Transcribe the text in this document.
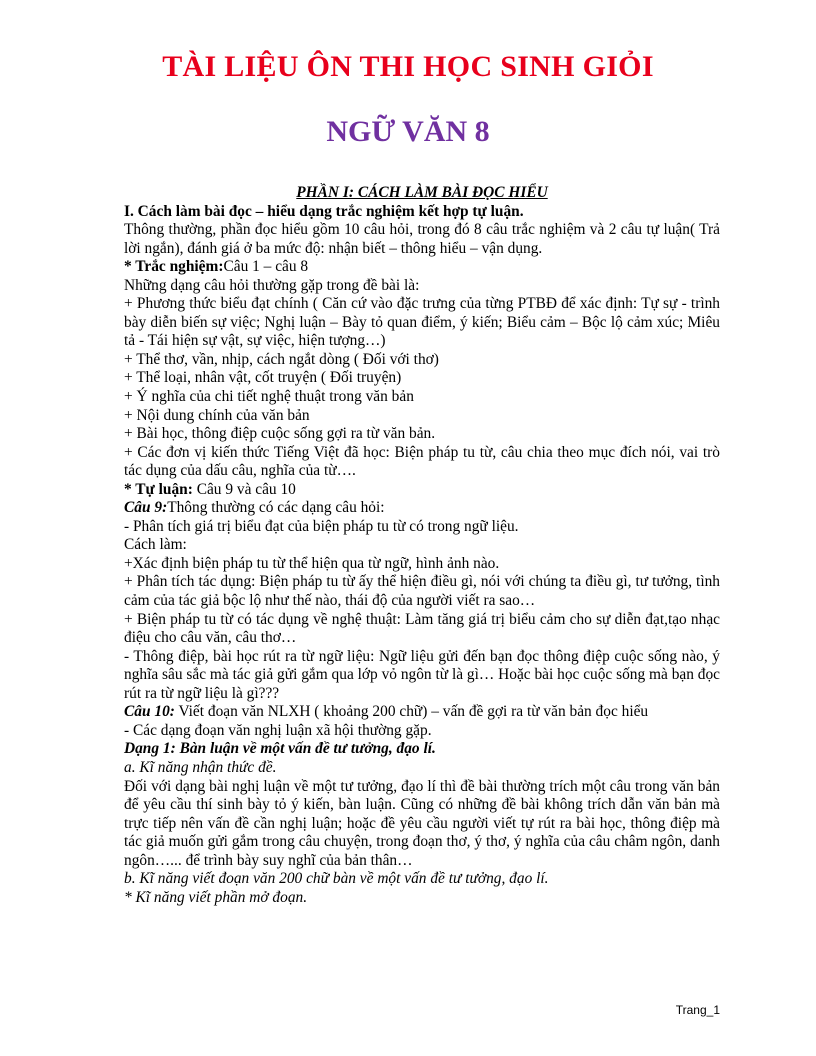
TÀI LIỆU ÔN THI HỌC SINH GIỎI
NGỮ VĂN 8

PHẦN I: CÁCH LÀM BÀI ĐỌC HIỂU

I. Cách làm bài đọc – hiểu dạng trắc nghiệm kết hợp tự luận.

Thông thường, phần đọc hiểu gồm 10 câu hỏi, trong đó 8 câu trắc nghiệm và 2 câu tự luận( Trả lời ngắn), đánh giá ở ba mức độ: nhận biết – thông hiểu – vận dụng.

* Trắc nghiệm:Câu 1 – câu 8

Những dạng câu hỏi thường gặp trong đề bài là:

+ Phương thức biểu đạt chính ( Căn cứ vào đặc trưng của từng PTBĐ để xác định: Tự sự - trình bày diễn biến sự việc; Nghị luận – Bày tỏ quan điểm, ý kiến; Biểu cảm – Bộc lộ cảm xúc; Miêu tả - Tái hiện sự vật, sự việc, hiện tượng…)

+ Thể thơ, vần, nhịp, cách ngắt dòng ( Đối với thơ)

+ Thể loại, nhân vật, cốt truyện ( Đối truyện)

+ Ý nghĩa của chi tiết nghệ thuật trong văn bản

+ Nội dung chính của văn bản

+ Bài học, thông điệp cuộc sống gợi ra từ văn bản.

+ Các đơn vị kiến thức Tiếng Việt đã học: Biện pháp tu từ, câu chia theo mục đích nói, vai trò tác dụng của dấu câu, nghĩa của từ….

* Tự luận: Câu 9 và câu 10

Câu 9:Thông thường có các dạng câu hỏi:

- Phân tích giá trị biểu đạt của biện pháp tu từ có trong ngữ liệu.

Cách làm:

+Xác định biện pháp tu từ thể hiện qua từ ngữ, hình ảnh nào.

+ Phân tích tác dụng: Biện pháp tu từ ấy thể hiện điều gì, nói với chúng ta điều gì, tư tưởng, tình cảm của tác giả bộc lộ như thế nào, thái độ của người viết ra sao…

+ Biện pháp tu từ có tác dụng về nghệ thuật: Làm tăng giá trị biểu cảm cho sự diễn đạt,tạo nhạc điệu cho câu văn, câu thơ…

- Thông điệp, bài học rút ra từ ngữ liệu: Ngữ liệu gửi đến bạn đọc thông điệp cuộc sống nào, ý nghĩa sâu sắc mà tác giả gửi gắm qua lớp vỏ ngôn từ là gì… Hoặc bài học cuộc sống mà bạn đọc rút ra từ ngữ liệu là gì???

Câu 10: Viết đoạn văn NLXH ( khoảng 200 chữ) – vấn đề gợi ra từ văn bản đọc hiểu

- Các dạng đoạn văn nghị luận xã hội thường gặp.

Dạng 1: Bàn luận về một vấn đề tư tưởng, đạo lí.

a. Kĩ năng nhận thức đề.

Đối với dạng bài nghị luận về một tư tưởng, đạo lí thì đề bài thường trích một câu trong văn bản để yêu cầu thí sinh bày tỏ ý kiến, bàn luận. Cũng có những đề bài không trích dẫn văn bản mà trực tiếp nên vấn đề cần nghị luận; hoặc đề yêu cầu người viết tự rút ra bài học, thông điệp mà tác giả muốn gửi gắm trong câu chuyện, trong đoạn thơ, ý thơ, ý nghĩa của câu châm ngôn, danh ngôn…... để trình bày suy nghĩ của bản thân…

b. Kĩ năng viết đoạn văn 200 chữ bàn về một vấn đề tư tưởng, đạo lí.

* Kĩ năng viết phần mở đoạn.

Trang_1
